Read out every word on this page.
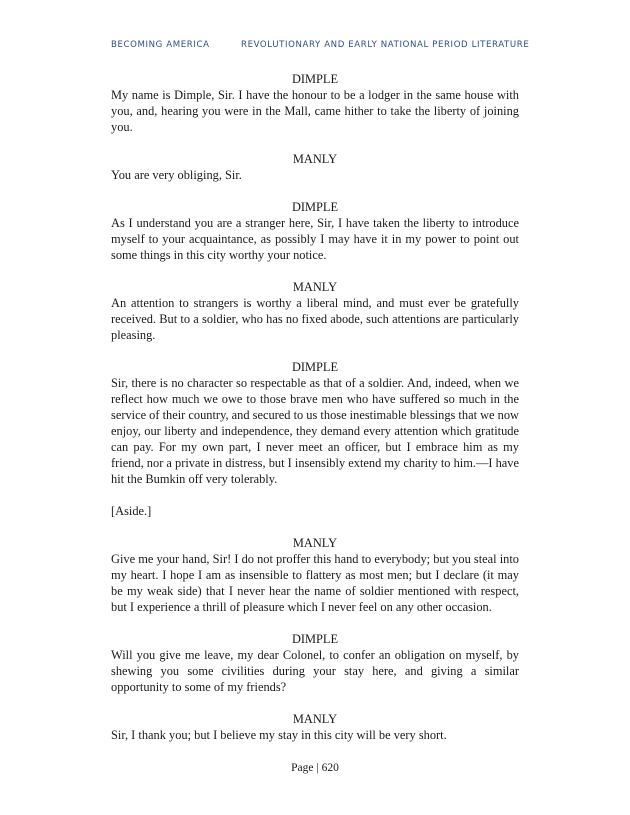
BECOMING AMERICA	REVOLUTIONARY AND EARLY NATIONAL PERIOD LITERATURE

DIMPLE

My name is Dimple, Sir. I have the honour to be a lodger in the same house with you, and, hearing you were in the Mall, came hither to take the liberty of joining you.

MANLY

You are very obliging, Sir.

DIMPLE

As I understand you are a stranger here, Sir, I have taken the liberty to introduce myself to your acquaintance, as possibly I may have it in my power to point out some things in this city worthy your notice.

MANLY

An attention to strangers is worthy a liberal mind, and must ever be gratefully received. But to a soldier, who has no fixed abode, such attentions are particularly pleasing.

DIMPLE

Sir, there is no character so respectable as that of a soldier. And, indeed, when we reflect how much we owe to those brave men who have suffered so much in the service of their country, and secured to us those inestimable blessings that we now enjoy, our liberty and independence, they demand every attention which gratitude can pay. For my own part, I never meet an officer, but I embrace him as my friend, nor a private in distress, but I insensibly extend my charity to him.—I have hit the Bumkin off very tolerably.

[Aside.]

MANLY

Give me your hand, Sir! I do not proffer this hand to everybody; but you steal into my heart. I hope I am as insensible to flattery as most men; but I declare (it may be my weak side) that I never hear the name of soldier mentioned with respect, but I experience a thrill of pleasure which I never feel on any other occasion.

DIMPLE

Will you give me leave, my dear Colonel, to confer an obligation on myself, by shewing you some civilities during your stay here, and giving a similar opportunity to some of my friends?

MANLY

Sir, I thank you; but I believe my stay in this city will be very short.

Page | 620
